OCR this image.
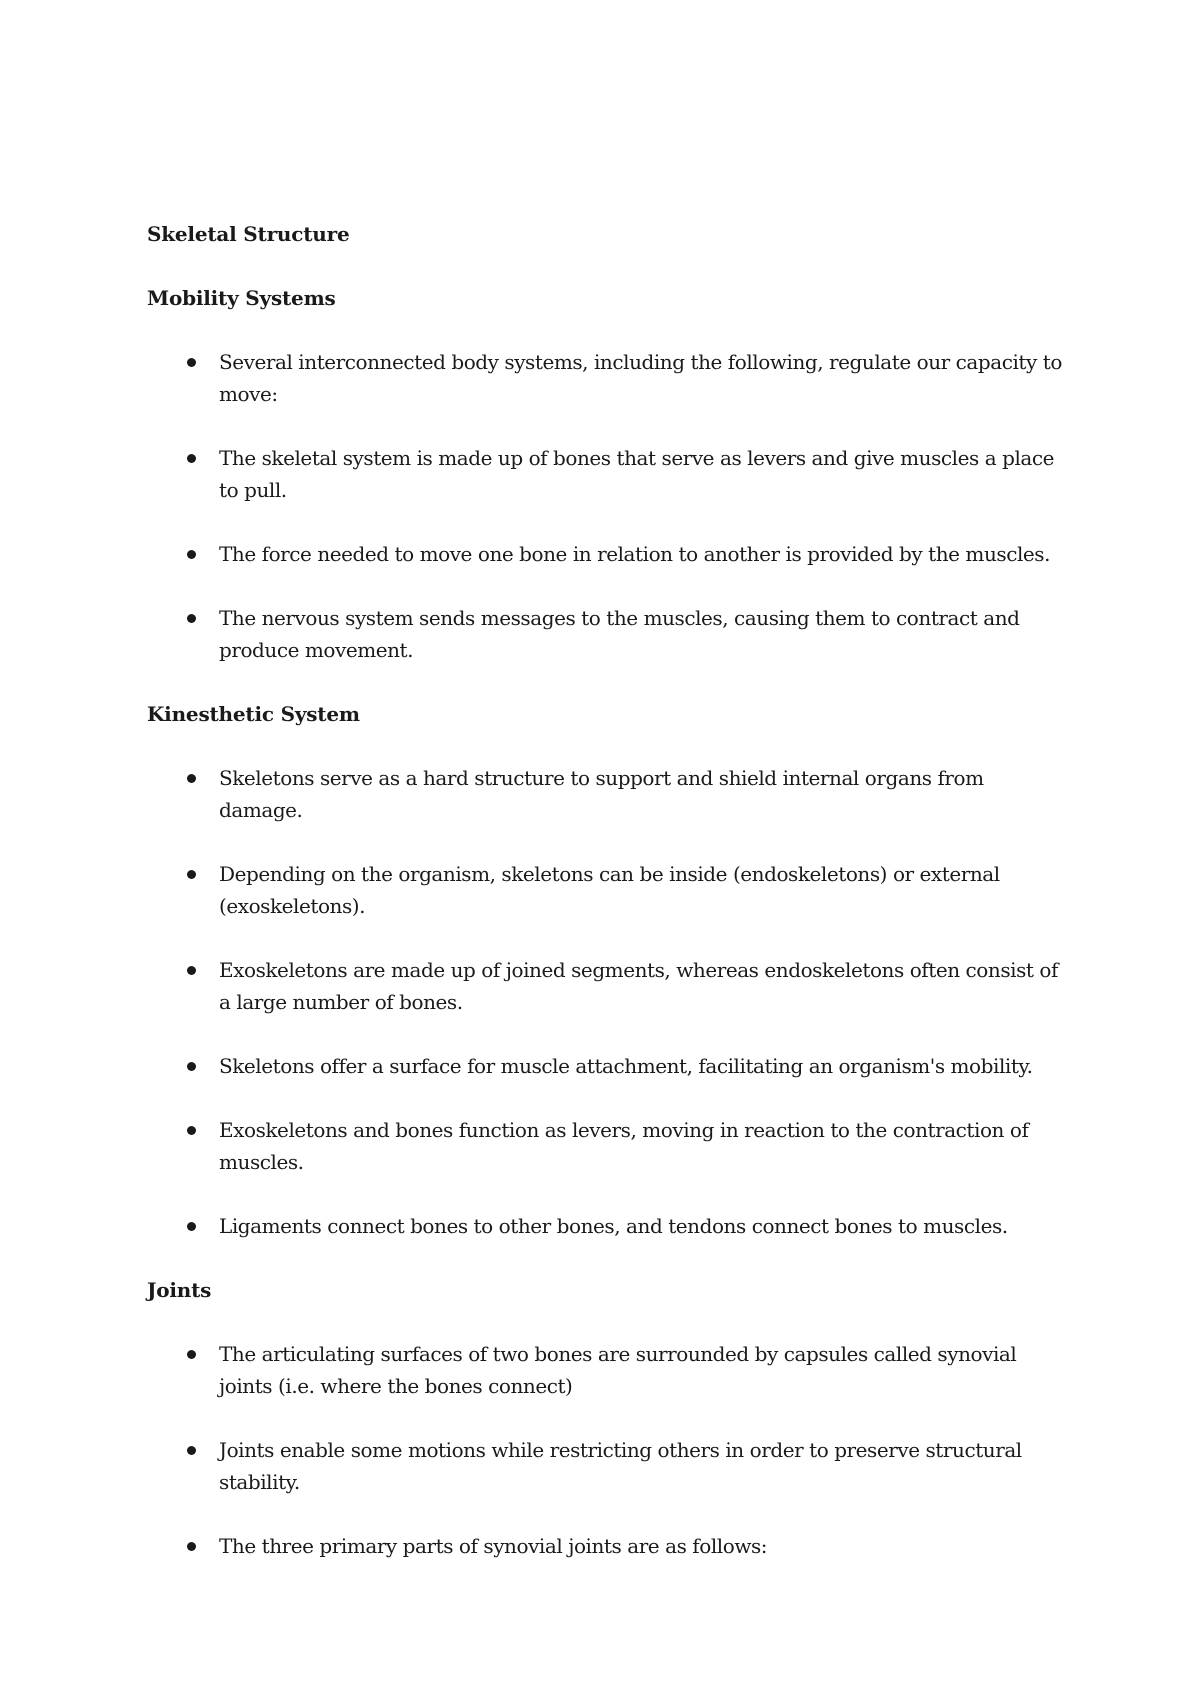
Skeletal Structure
Mobility Systems
Several interconnected body systems, including the following, regulate our capacity to move:
The skeletal system is made up of bones that serve as levers and give muscles a place to pull.
The force needed to move one bone in relation to another is provided by the muscles.
The nervous system sends messages to the muscles, causing them to contract and produce movement.
Kinesthetic System
Skeletons serve as a hard structure to support and shield internal organs from damage.
Depending on the organism, skeletons can be inside (endoskeletons) or external (exoskeletons).
Exoskeletons are made up of joined segments, whereas endoskeletons often consist of a large number of bones.
Skeletons offer a surface for muscle attachment, facilitating an organism's mobility.
Exoskeletons and bones function as levers, moving in reaction to the contraction of muscles.
Ligaments connect bones to other bones, and tendons connect bones to muscles.
Joints
The articulating surfaces of two bones are surrounded by capsules called synovial joints (i.e. where the bones connect)
Joints enable some motions while restricting others in order to preserve structural stability.
The three primary parts of synovial joints are as follows:
